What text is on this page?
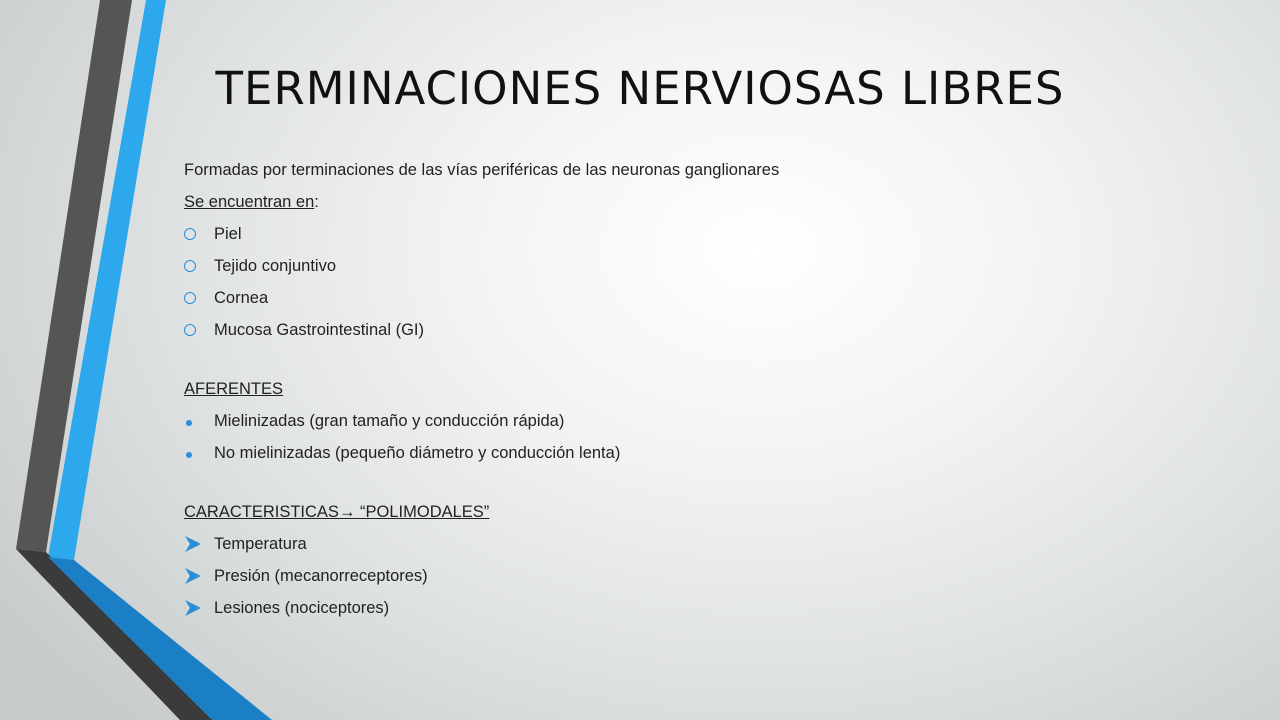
TERMINACIONES NERVIOSAS LIBRES
Formadas por terminaciones de las vías periféricas de las neuronas ganglionares
Se encuentran en:
Piel
Tejido conjuntivo
Cornea
Mucosa Gastrointestinal (GI)
AFERENTES
Mielinizadas (gran tamaño y conducción rápida)
No mielinizadas (pequeño diámetro y conducción lenta)
CARACTERISTICAS→ “POLIMODALES”
Temperatura
Presión (mecanorreceptores)
Lesiones (nociceptores)
